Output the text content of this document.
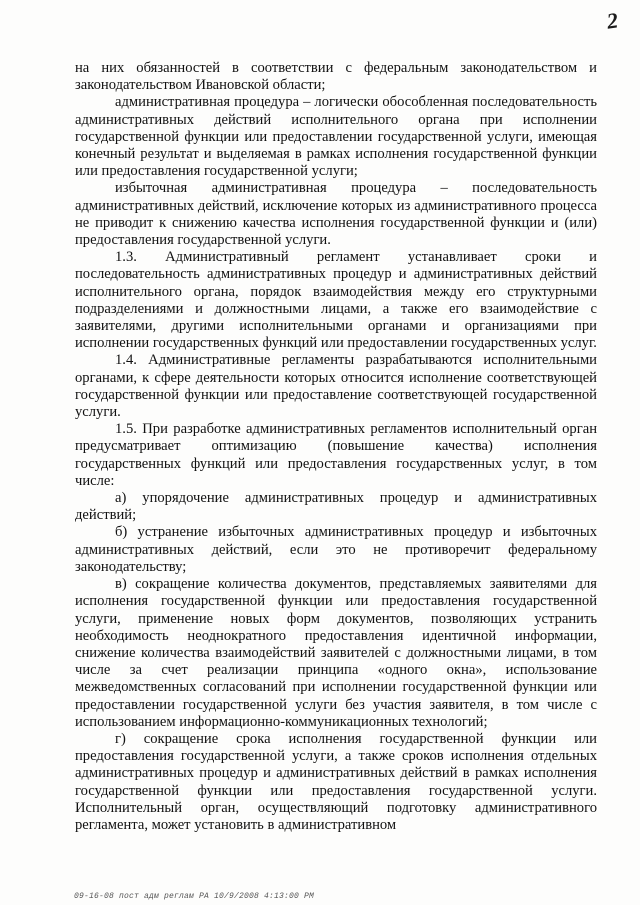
2

на них обязанностей в соответствии с федеральным законодательством и законодательством Ивановской области;

административная процедура – логически обособленная последовательность административных действий исполнительного органа при исполнении государственной функции или предоставлении государственной услуги, имеющая конечный результат и выделяемая в рамках исполнения государственной функции или предоставления государственной услуги;

избыточная административная процедура – последовательность административных действий, исключение которых из административного процесса не приводит к снижению качества исполнения государственной функции и (или) предоставления государственной услуги.

1.3. Административный регламент устанавливает сроки и последовательность административных процедур и административных действий исполнительного органа, порядок взаимодействия между его структурными подразделениями и должностными лицами, а также его взаимодействие с заявителями, другими исполнительными органами и организациями при исполнении государственных функций или предоставлении государственных услуг.

1.4. Административные регламенты разрабатываются исполнительными органами, к сфере деятельности которых относится исполнение соответствующей государственной функции или предоставление соответствующей государственной услуги.

1.5. При разработке административных регламентов исполнительный орган предусматривает оптимизацию (повышение качества) исполнения государственных функций или предоставления государственных услуг, в том числе:

а) упорядочение административных процедур и административных действий;

б) устранение избыточных административных процедур и избыточных административных действий, если это не противоречит федеральному законодательству;

в) сокращение количества документов, представляемых заявителями для исполнения государственной функции или предоставления государственной услуги, применение новых форм документов, позволяющих устранить необходимость неоднократного предоставления идентичной информации, снижение количества взаимодействий заявителей с должностными лицами, в том числе за счет реализации принципа «одного окна», использование межведомственных согласований при исполнении государственной функции или предоставлении государственной услуги без участия заявителя, в том числе с использованием информационно-коммуникационных технологий;

г) сокращение срока исполнения государственной функции или предоставления государственной услуги, а также сроков исполнения отдельных административных процедур и административных действий в рамках исполнения государственной функции или предоставления государственной услуги. Исполнительный орган, осуществляющий подготовку административного регламента, может установить в административном

09-16-08 пост адм реглам РА 10/9/2008 4:13:00 PM
